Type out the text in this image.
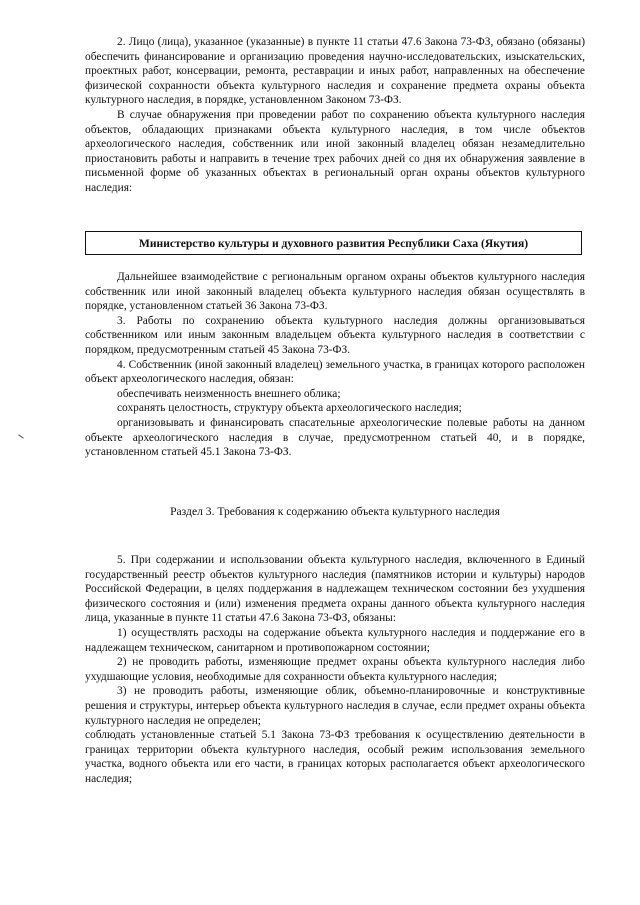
2. Лицо (лица), указанное (указанные) в пункте 11 статьи 47.6 Закона 73-ФЗ, обязано (обязаны) обеспечить финансирование и организацию проведения научно-исследовательских, изыскательских, проектных работ, консервации, ремонта, реставрации и иных работ, направленных на обеспечение физической сохранности объекта культурного наследия и сохранение предмета охраны объекта культурного наследия, в порядке, установленном Законом 73-ФЗ.

В случае обнаружения при проведении работ по сохранению объекта культурного наследия объектов, обладающих признаками объекта культурного наследия, в том числе объектов археологического наследия, собственник или иной законный владелец обязан незамедлительно приостановить работы и направить в течение трех рабочих дней со дня их обнаружения заявление в письменной форме об указанных объектах в региональный орган охраны объектов культурного наследия:

Министерство культуры и духовного развития Республики Саха (Якутия)

Дальнейшее взаимодействие с региональным органом охраны объектов культурного наследия собственник или иной законный владелец объекта культурного наследия обязан осуществлять в порядке, установленном статьей 36 Закона 73-ФЗ.

3. Работы по сохранению объекта культурного наследия должны организовываться собственником или иным законным владельцем объекта культурного наследия в соответствии с порядком, предусмотренным статьей 45 Закона 73-ФЗ.

4. Собственник (иной законный владелец) земельного участка, в границах которого расположен объект археологического наследия, обязан:

обеспечивать неизменность внешнего облика;

сохранять целостность, структуру объекта археологического наследия;

организовывать и финансировать спасательные археологические полевые работы на данном объекте археологического наследия в случае, предусмотренном статьей 40, и в порядке, установленном статьей 45.1 Закона 73-ФЗ.

Раздел 3. Требования к содержанию объекта культурного наследия

5. При содержании и использовании объекта культурного наследия, включенного в Единый государственный реестр объектов культурного наследия (памятников истории и культуры) народов Российской Федерации, в целях поддержания в надлежащем техническом состоянии без ухудшения физического состояния и (или) изменения предмета охраны данного объекта культурного наследия лица, указанные в пункте 11 статьи 47.6 Закона 73-ФЗ, обязаны:

1) осуществлять расходы на содержание объекта культурного наследия и поддержание его в надлежащем техническом, санитарном и противопожарном состоянии;

2) не проводить работы, изменяющие предмет охраны объекта культурного наследия либо ухудшающие условия, необходимые для сохранности объекта культурного наследия;

3) не проводить работы, изменяющие облик, объемно-планировочные и конструктивные решения и структуры, интерьер объекта культурного наследия в случае, если предмет охраны объекта культурного наследия не определен;

соблюдать установленные статьей 5.1 Закона 73-ФЗ требования к осуществлению деятельности в границах территории объекта культурного наследия, особый режим использования земельного участка, водного объекта или его части, в границах которых располагается объект археологического наследия;
